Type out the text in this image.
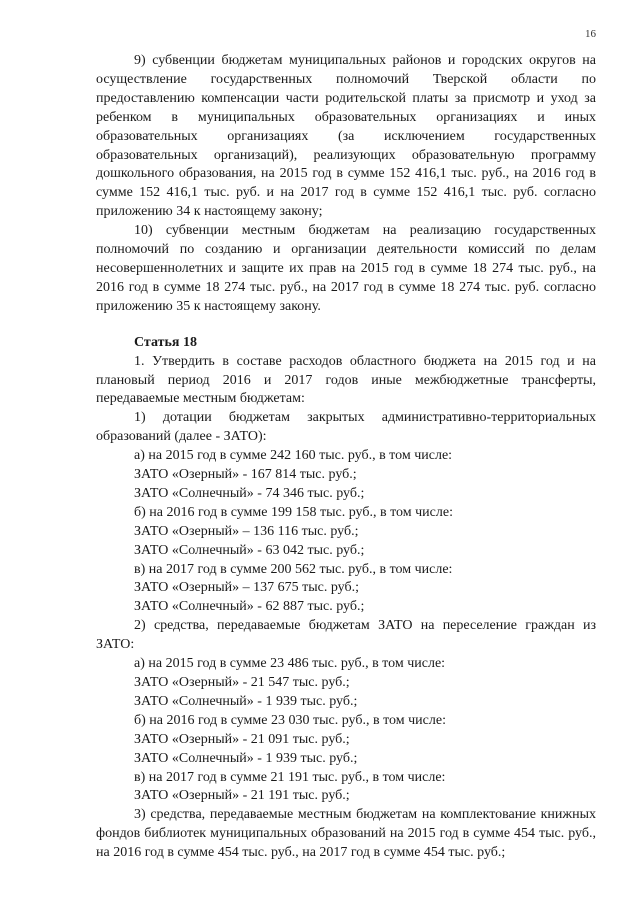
16

9) субвенции бюджетам муниципальных районов и городских округов на осуществление государственных полномочий Тверской области по предоставлению компенсации части родительской платы за присмотр и уход за ребенком в муниципальных образовательных организациях и иных образовательных организациях (за исключением государственных образовательных организаций), реализующих образовательную программу дошкольного образования, на 2015 год в сумме 152 416,1 тыс. руб., на 2016 год в сумме 152 416,1 тыс. руб. и на 2017 год в сумме 152 416,1 тыс. руб. согласно приложению 34 к настоящему закону;

10) субвенции местным бюджетам на реализацию государственных полномочий по созданию и организации деятельности комиссий по делам несовершеннолетних и защите их прав на 2015 год в сумме 18 274 тыс. руб., на 2016 год в сумме 18 274 тыс. руб., на 2017 год в сумме 18 274 тыс. руб. согласно приложению 35 к настоящему закону.

Статья 18

1. Утвердить в составе расходов областного бюджета на 2015 год и на плановый период 2016 и 2017 годов иные межбюджетные трансферты, передаваемые местным бюджетам:

1) дотации бюджетам закрытых административно-территориальных образований (далее - ЗАТО):

а) на 2015 год в сумме 242 160 тыс. руб., в том числе:
ЗАТО «Озерный» - 167 814 тыс. руб.;
ЗАТО «Солнечный» - 74 346 тыс. руб.;
б) на 2016 год в сумме 199 158 тыс. руб., в том числе:
ЗАТО «Озерный» – 136 116 тыс. руб.;
ЗАТО «Солнечный» - 63 042 тыс. руб.;
в) на 2017 год в сумме 200 562 тыс. руб., в том числе:
ЗАТО «Озерный» – 137 675 тыс. руб.;
ЗАТО «Солнечный» - 62 887 тыс. руб.;

2) средства, передаваемые бюджетам ЗАТО на переселение граждан из ЗАТО:

а) на 2015 год в сумме 23 486 тыс. руб., в том числе:
ЗАТО «Озерный» - 21 547 тыс. руб.;
ЗАТО «Солнечный» - 1 939 тыс. руб.;
б) на 2016 год в сумме 23 030 тыс. руб., в том числе:
ЗАТО «Озерный» - 21 091 тыс. руб.;
ЗАТО «Солнечный» - 1 939 тыс. руб.;
в) на 2017 год в сумме 21 191 тыс. руб., в том числе:
ЗАТО «Озерный» - 21 191 тыс. руб.;

3) средства, передаваемые местным бюджетам на комплектование книжных фондов библиотек муниципальных образований на 2015 год в сумме 454 тыс. руб., на 2016 год в сумме 454 тыс. руб., на 2017 год в сумме 454 тыс. руб.;
